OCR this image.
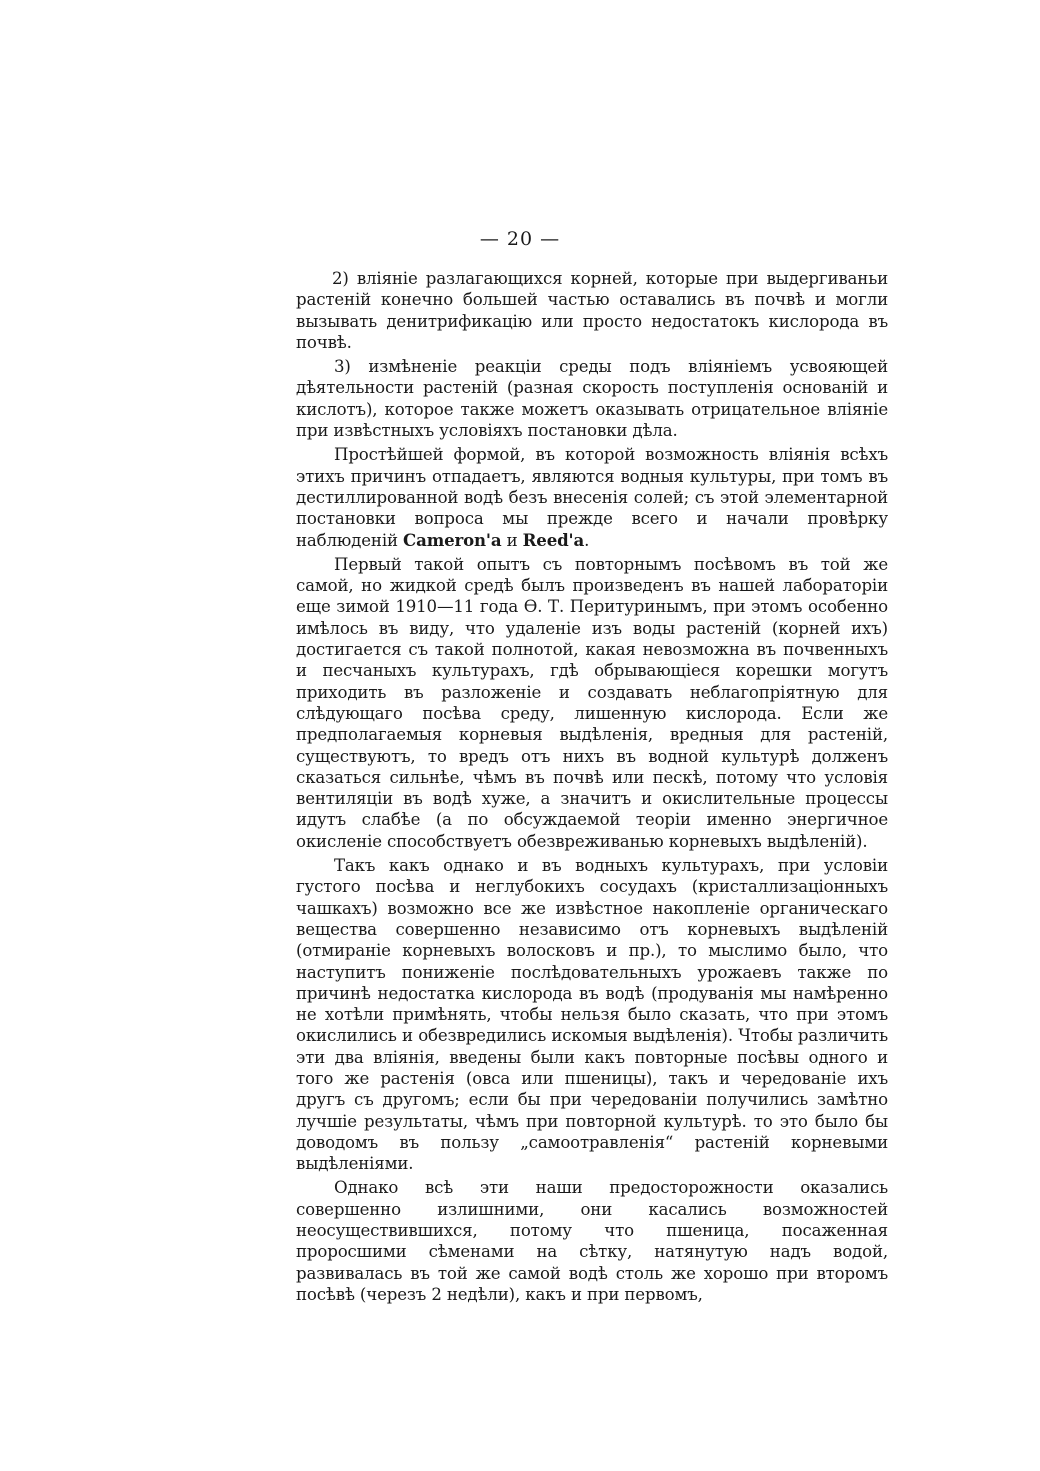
— 20 —

2) вліяніе разлагающихся корней, которые при выдергиваньи растеній конечно большей частью оставались въ почвѣ и могли вызывать денитрификацію или просто недостатокъ кислорода въ почвѣ.

3) измѣненіе реакціи среды подъ вліяніемъ усвояющей дѣятельности растеній (разная скорость поступленія основаній и кислотъ), которое также можетъ оказывать отрицательное вліяніе при извѣстныхъ условіяхъ постановки дѣла.

Простѣйшей формой, въ которой возможность вліянія всѣхъ этихъ причинъ отпадаетъ, являются водныя культуры, при томъ въ дестиллированной водѣ безъ внесенія солей; съ этой элементарной постановки вопроса мы прежде всего и начали провѣрку наблюденій Cameron'a и Reed'a.

Первый такой опытъ съ повторнымъ посѣвомъ въ той же самой, но жидкой средѣ былъ произведенъ въ нашей лабораторіи еще зимой 1910—11 года Ѳ. Т. Перитуринымъ, при этомъ особенно имѣлось въ виду, что удаленіе изъ воды растеній (корней ихъ) достигается съ такой полнотой, какая невозможна въ почвенныхъ и песчаныхъ культурахъ, гдѣ обрывающіеся корешки могутъ приходить въ разложеніе и создавать неблагопріятную для слѣдующаго посѣва среду, лишенную кислорода. Если же предполагаемыя корневыя выдѣленія, вредныя для растеній, существуютъ, то вредъ отъ нихъ въ водной культурѣ долженъ сказаться сильнѣе, чѣмъ въ почвѣ или пескѣ, потому что условія вентиляціи въ водѣ хуже, а значитъ и окислительные процессы идутъ слабѣе (а по обсуждаемой теоріи именно энергичное окисленіе способствуетъ обезвреживанью корневыхъ выдѣленій).

Такъ какъ однако и въ водныхъ культурахъ, при условіи густого посѣва и неглубокихъ сосудахъ (кристаллизаціонныхъ чашкахъ) возможно все же извѣстное накопленіе органическаго вещества совершенно независимо отъ корневыхъ выдѣленій (отмираніе корневыхъ волосковъ и пр.), то мыслимо было, что наступитъ пониженіе послѣдовательныхъ урожаевъ также по причинѣ недостатка кислорода въ водѣ (продуванія мы намѣренно не хотѣли примѣнять, чтобы нельзя было сказать, что при этомъ окислились и обезвредились искомыя выдѣленія). Чтобы различить эти два вліянія, введены были какъ повторные посѣвы одного и того же растенія (овса или пшеницы), такъ и чередованіе ихъ другъ съ другомъ; если бы при чередованіи получились замѣтно лучшіе результаты, чѣмъ при повторной культурѣ. то это было бы доводомъ въ пользу „самоотравленія“ растеній корневыми выдѣленіями.

Однако всѣ эти наши предосторожности оказались совершенно излишними, они касались возможностей неосуществившихся, потому что пшеница, посаженная проросшими сѣменами на сѣтку, натянутую надъ водой, развивалась въ той же самой водѣ столь же хорошо при второмъ посѣвѣ (черезъ 2 недѣли), какъ и при первомъ,
